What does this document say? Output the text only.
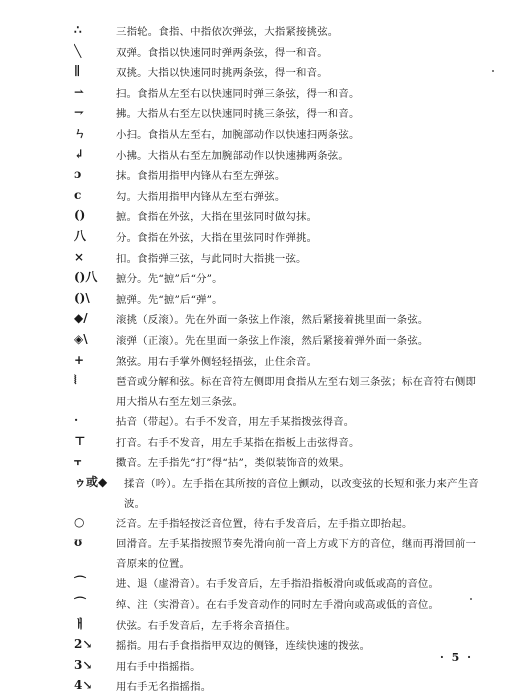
∴	三指轮。食指、中指依次弹弦，大指紧接挑弦。
╲	双弹。食指以快速同时弹两条弦，得一和音。
∥	双挑。大指以快速同时挑两条弦，得一和音。
⇀	扫。食指从左至右以快速同时弹三条弦，得一和音。
⇁	拂。大指从右至左以快速同时挑三条弦，得一和音。
ㄣ	小扫。食指从左至右，加腕部动作以快速扫两条弦。
↲	小拂。大指从右至左加腕部动作以快速拂两条弦。
ɔ	抹。食指用指甲内锋从右至左弹弦。
c	勾。大指用指甲内锋从左至右弹弦。
()	摭。食指在外弦，大指在里弦同时做勾抹。
八	分。食指在外弦，大指在里弦同时作弹挑。
×	扣。食指弹三弦，与此同时大指挑一弦。
()八	摭分。先“摭”后“分”。
()\	摭弹。先“摭”后“弹”。
◆/	滚挑（反滚）。先在外面一条弦上作滚，然后紧接着挑里面一条弦。
◈\	滚弹（正滚）。先在里面一条弦上作滚，然后紧接着弹外面一条弦。
+	煞弦。用右手掌外侧轻轻捂弦，止住余音。
⦚	琶音或分解和弦。标在音符左侧即用食指从左至右划三条弦；标在音符右侧即用大指从右至左划三条弦。
·	拈音（带起）。右手不发音，用左手某指拨弦得音。
⊤	打音。右手不发音，用左手某指在指板上击弦得音。
⫟	擞音。左手指先“打”得“拈”，类似装饰音的效果。
ゥ或◆	揉音（吟）。左手指在其所按的音位上颤动，以改变弦的长短和张力来产生音波。
○	泛音。左手指轻按泛音位置，待右手发音后，左手指立即抬起。
ʊ	回滑音。左手某指按照节奏先滑向前一音上方或下方的音位，继而再滑回前一音原来的位置。
⌒	进、退（虚滑音）。右手发音后，左手指沿指板滑向或低或高的音位。
⌒	绰、注（实滑音）。在右手发音动作的同时左手滑向或高或低的音位。
ㅐ	伏弦。右手发音后，左手将余音捂住。
2↘	摇指。用右手食指指甲双边的侧锋，连续快速的拨弦。
3↘	用右手中指摇指。
4↘	用右手无名指摇指。
· 5 ·
